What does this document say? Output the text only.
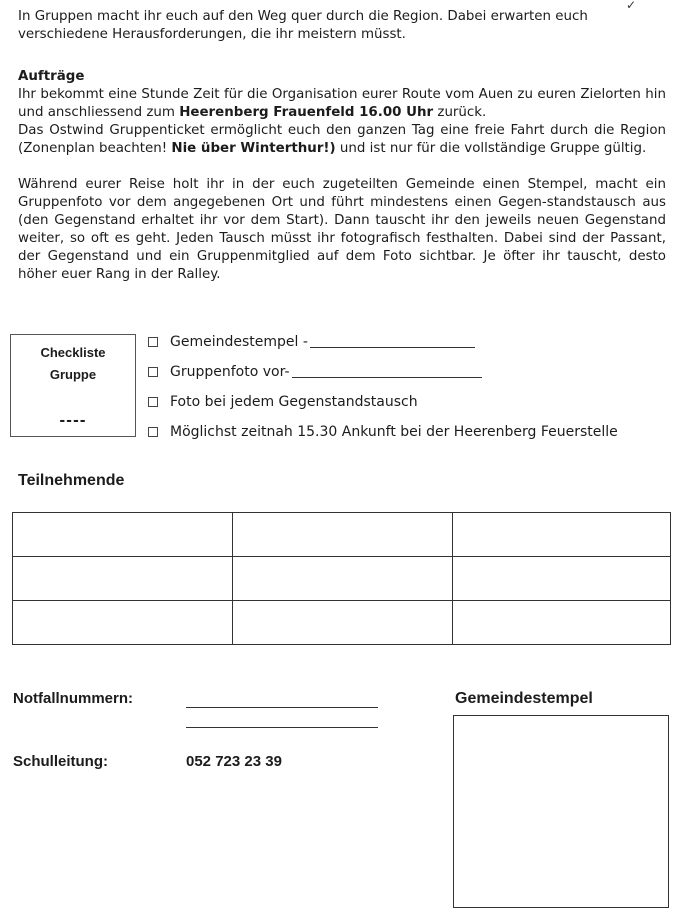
✓
In Gruppen macht ihr euch auf den Weg quer durch die Region. Dabei erwarten euch verschiedene Herausforderungen, die ihr meistern müsst.
Aufträge
Ihr bekommt eine Stunde Zeit für die Organisation eurer Route vom Auen zu euren Zielorten hin und anschliessend zum Heerenberg Frauenfeld 16.00 Uhr zurück.
Das Ostwind Gruppenticket ermöglicht euch den ganzen Tag eine freie Fahrt durch die Region (Zonenplan beachten! Nie über Winterthur!) und ist nur für die vollständige Gruppe gültig.
Während eurer Reise holt ihr in der euch zugeteilten Gemeinde einen Stempel, macht ein Gruppenfoto vor dem angegebenen Ort und führt mindestens einen Gegen-standstausch aus (den Gegenstand erhaltet ihr vor dem Start). Dann tauscht ihr den jeweils neuen Gegenstand weiter, so oft es geht. Jeden Tausch müsst ihr fotografisch festhalten. Dabei sind der Passant, der Gegenstand und ein Gruppenmitglied auf dem Foto sichtbar. Je öfter ihr tauscht, desto höher euer Rang in der Ralley.
Checkliste
Gruppe
----
Gemeindestempel -
Gruppenfoto vor-
Foto bei jedem Gegenstandstausch
Möglichst zeitnah 15.30 Ankunft bei der Heerenberg Feuerstelle
Teilnehmende

Notfallnummern:
Schulleitung:	052 723 23 39
Gemeindestempel
